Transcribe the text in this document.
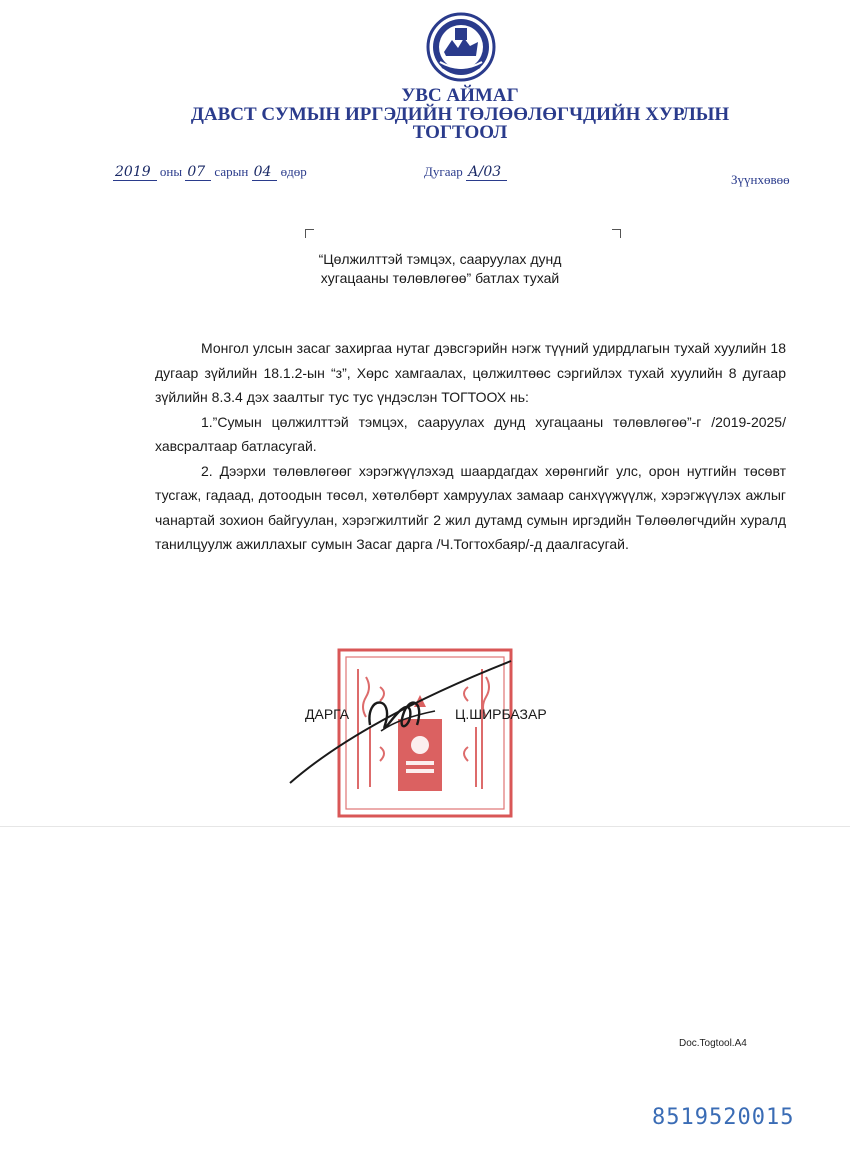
УВС АЙМАГ
ДАВСТ СУМЫН ИРГЭДИЙН ТӨЛӨӨЛӨГЧДИЙН ХУРЛЫН
ТОГТООЛ
2019 оны 07 сарын 04 өдөр	Дугаар А/03	Зүүнхөвөө
“Цөлжилттэй тэмцэх, сааруулах дунд
хугацааны төлөвлөгөө” батлах тухай

Монгол улсын засаг захиргаа нутаг дэвсгэрийн нэгж түүний удирдлагын тухай хуулийн 18 дугаар зүйлийн 18.1.2-ын “з”, Хөрс хамгаалах, цөлжилтөөс сэргийлэх тухай хуулийн 8 дугаар зүйлийн 8.3.4 дэх заалтыг тус тус үндэслэн ТОГТООХ нь:

1.”Сумын цөлжилттэй тэмцэх, сааруулах дунд хугацааны төлөвлөгөө”-г /2019-2025/ хавсралтаар батласугай.

2. Дээрхи төлөвлөгөөг хэрэгжүүлэхэд шаардагдах хөрөнгийг улс, орон нутгийн төсөвт тусгаж, гадаад, дотоодын төсөл, хөтөлбөрт хамруулах замаар санхүүжүүлж, хэрэгжүүлэх ажлыг чанартай зохион байгуулан, хэрэгжилтийг 2 жил дутамд сумын иргэдийн Төлөөлөгчдийн хуралд танилцуулж ажиллахыг сумын Засаг дарга /Ч.Тогтохбаяр/-д даалгасугай.

ДАРГА	Ц.ШИРБАЗАР
Doc.Togtool.A4
8519520015
